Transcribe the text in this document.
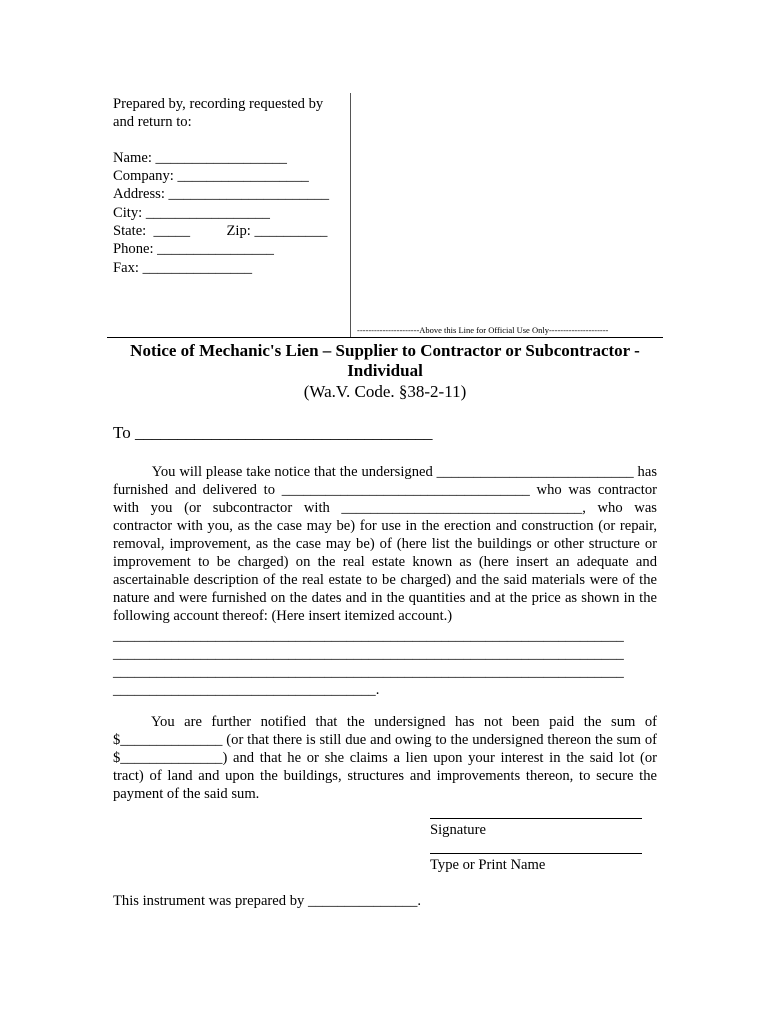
Prepared by, recording requested by
and return to:
Name: __________________
Company: __________________
Address: ______________________
City: _________________
State:  _____          Zip: __________
Phone: ________________
Fax: _______________
----------------------Above this Line for Official Use Only---------------------
Notice of Mechanic's Lien – Supplier to Contractor or Subcontractor -
Individual
(Wa.V. Code. §38-2-11)
To ___________________________________
You will please take notice that the undersigned ___________________________ has furnished and delivered to __________________________________ who was contractor with you (or subcontractor with _________________________________, who was contractor with you, as the case may be) for use in the erection and construction (or repair, removal, improvement, as the case may be) of (here list the buildings or other structure or improvement to be charged) on the real estate known as (here insert an adequate and ascertainable description of the real estate to be charged) and the said materials were of the nature and were furnished on the dates and in the quantities and at the price as shown in the following account thereof: (Here insert itemized account.)
______________________________________________________________________
______________________________________________________________________
______________________________________________________________________
____________________________________.
You are further notified that the undersigned has not been paid the sum of $______________ (or that there is still due and owing to the undersigned thereon the sum of $______________) and that he or she claims a lien upon your interest in the said lot (or tract) of land and upon the buildings, structures and improvements thereon, to secure the payment of the said sum.
Signature
Type or Print Name
This instrument was prepared by _______________.
